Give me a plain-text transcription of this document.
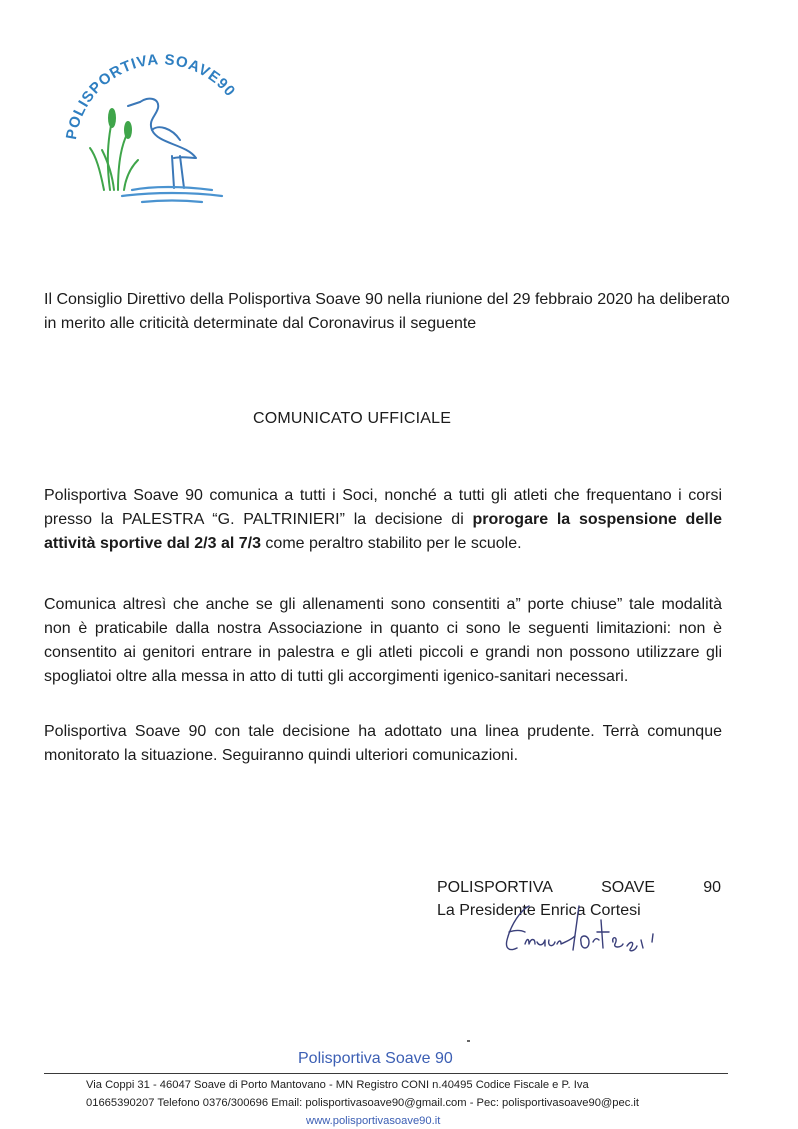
POLISPORTIVA SOAVE90

Il Consiglio Direttivo della Polisportiva Soave 90 nella riunione del 29 febbraio 2020 ha deliberato in merito alle criticità determinate dal Coronavirus il seguente

COMUNICATO UFFICIALE

Polisportiva Soave 90 comunica a tutti i Soci, nonché a tutti gli atleti che frequentano i corsi presso la PALESTRA “G. PALTRINIERI” la decisione di prorogare la sospensione delle attività sportive dal 2/3 al 7/3 come peraltro stabilito per le scuole.

Comunica altresì che anche se gli allenamenti sono consentiti a” porte chiuse” tale modalità non è praticabile dalla nostra Associazione in quanto ci sono le seguenti limitazioni: non è consentito ai genitori entrare in palestra e gli atleti piccoli e grandi non possono utilizzare gli spogliatoi oltre alla messa in atto di tutti gli accorgimenti igenico-sanitari necessari.

Polisportiva Soave 90 con tale decisione ha adottato una linea prudente. Terrà comunque monitorato la situazione. Seguiranno quindi ulteriori comunicazioni.

POLISPORTIVA	SOAVE	90
La Presidente Enrica Cortesi
Polisportiva Soave 90
Via Coppi 31 - 46047 Soave di Porto Mantovano - MN Registro CONI n.40495 Codice Fiscale e P. Iva
01665390207 Telefono 0376/300696 Email: polisportivasoave90@gmail.com - Pec: polisportivasoave90@pec.it
www.polisportivasoave90.it
